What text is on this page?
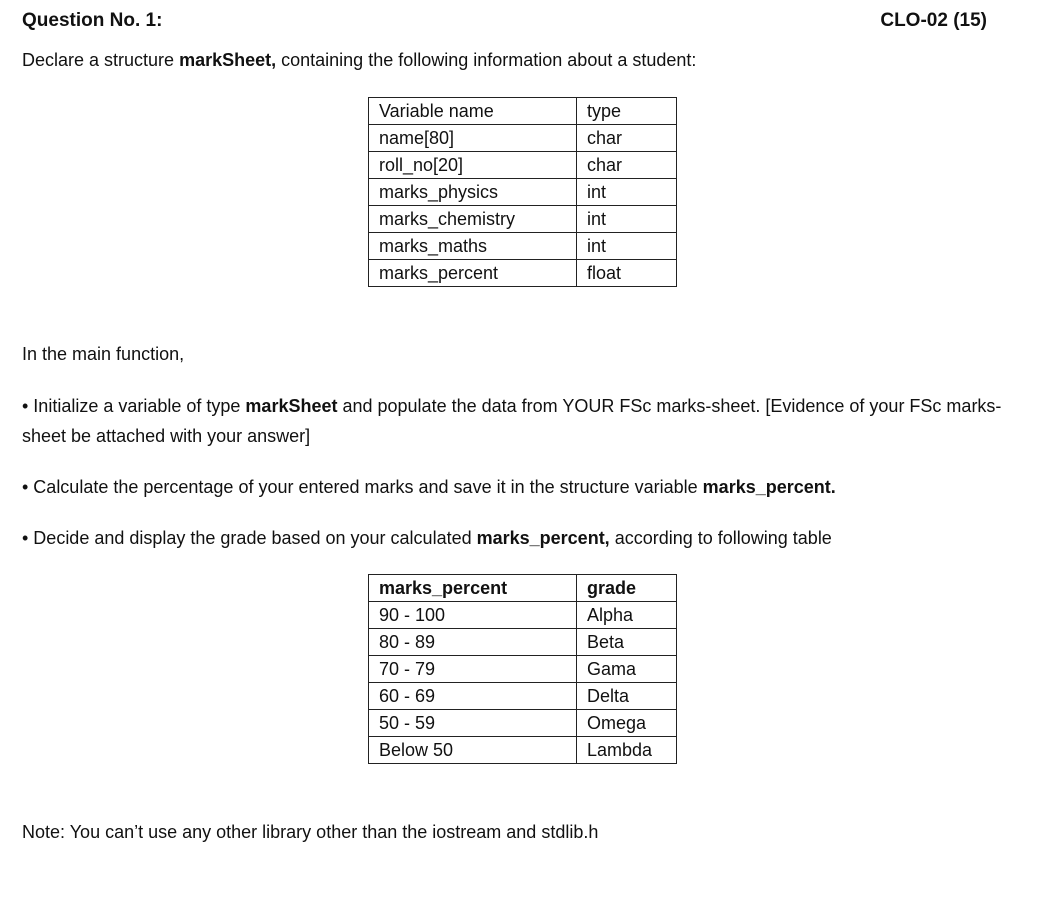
Question No. 1:	CLO-02 (15)
Declare a structure markSheet, containing the following information about a student:
Variable name	type
name[80]	char
roll_no[20]	char
marks_physics	int
marks_chemistry	int
marks_maths	int
marks_percent	float
In the main function,
• Initialize a variable of type markSheet and populate the data from YOUR FSc marks-sheet. [Evidence of your FSc marks-sheet be attached with your answer]
• Calculate the percentage of your entered marks and save it in the structure variable marks_percent.
• Decide and display the grade based on your calculated marks_percent, according to following table
marks_percent	grade
90 - 100	Alpha
80 - 89	Beta
70 - 79	Gama
60 - 69	Delta
50 - 59	Omega
Below 50	Lambda
Note: You can’t use any other library other than the iostream and stdlib.h
